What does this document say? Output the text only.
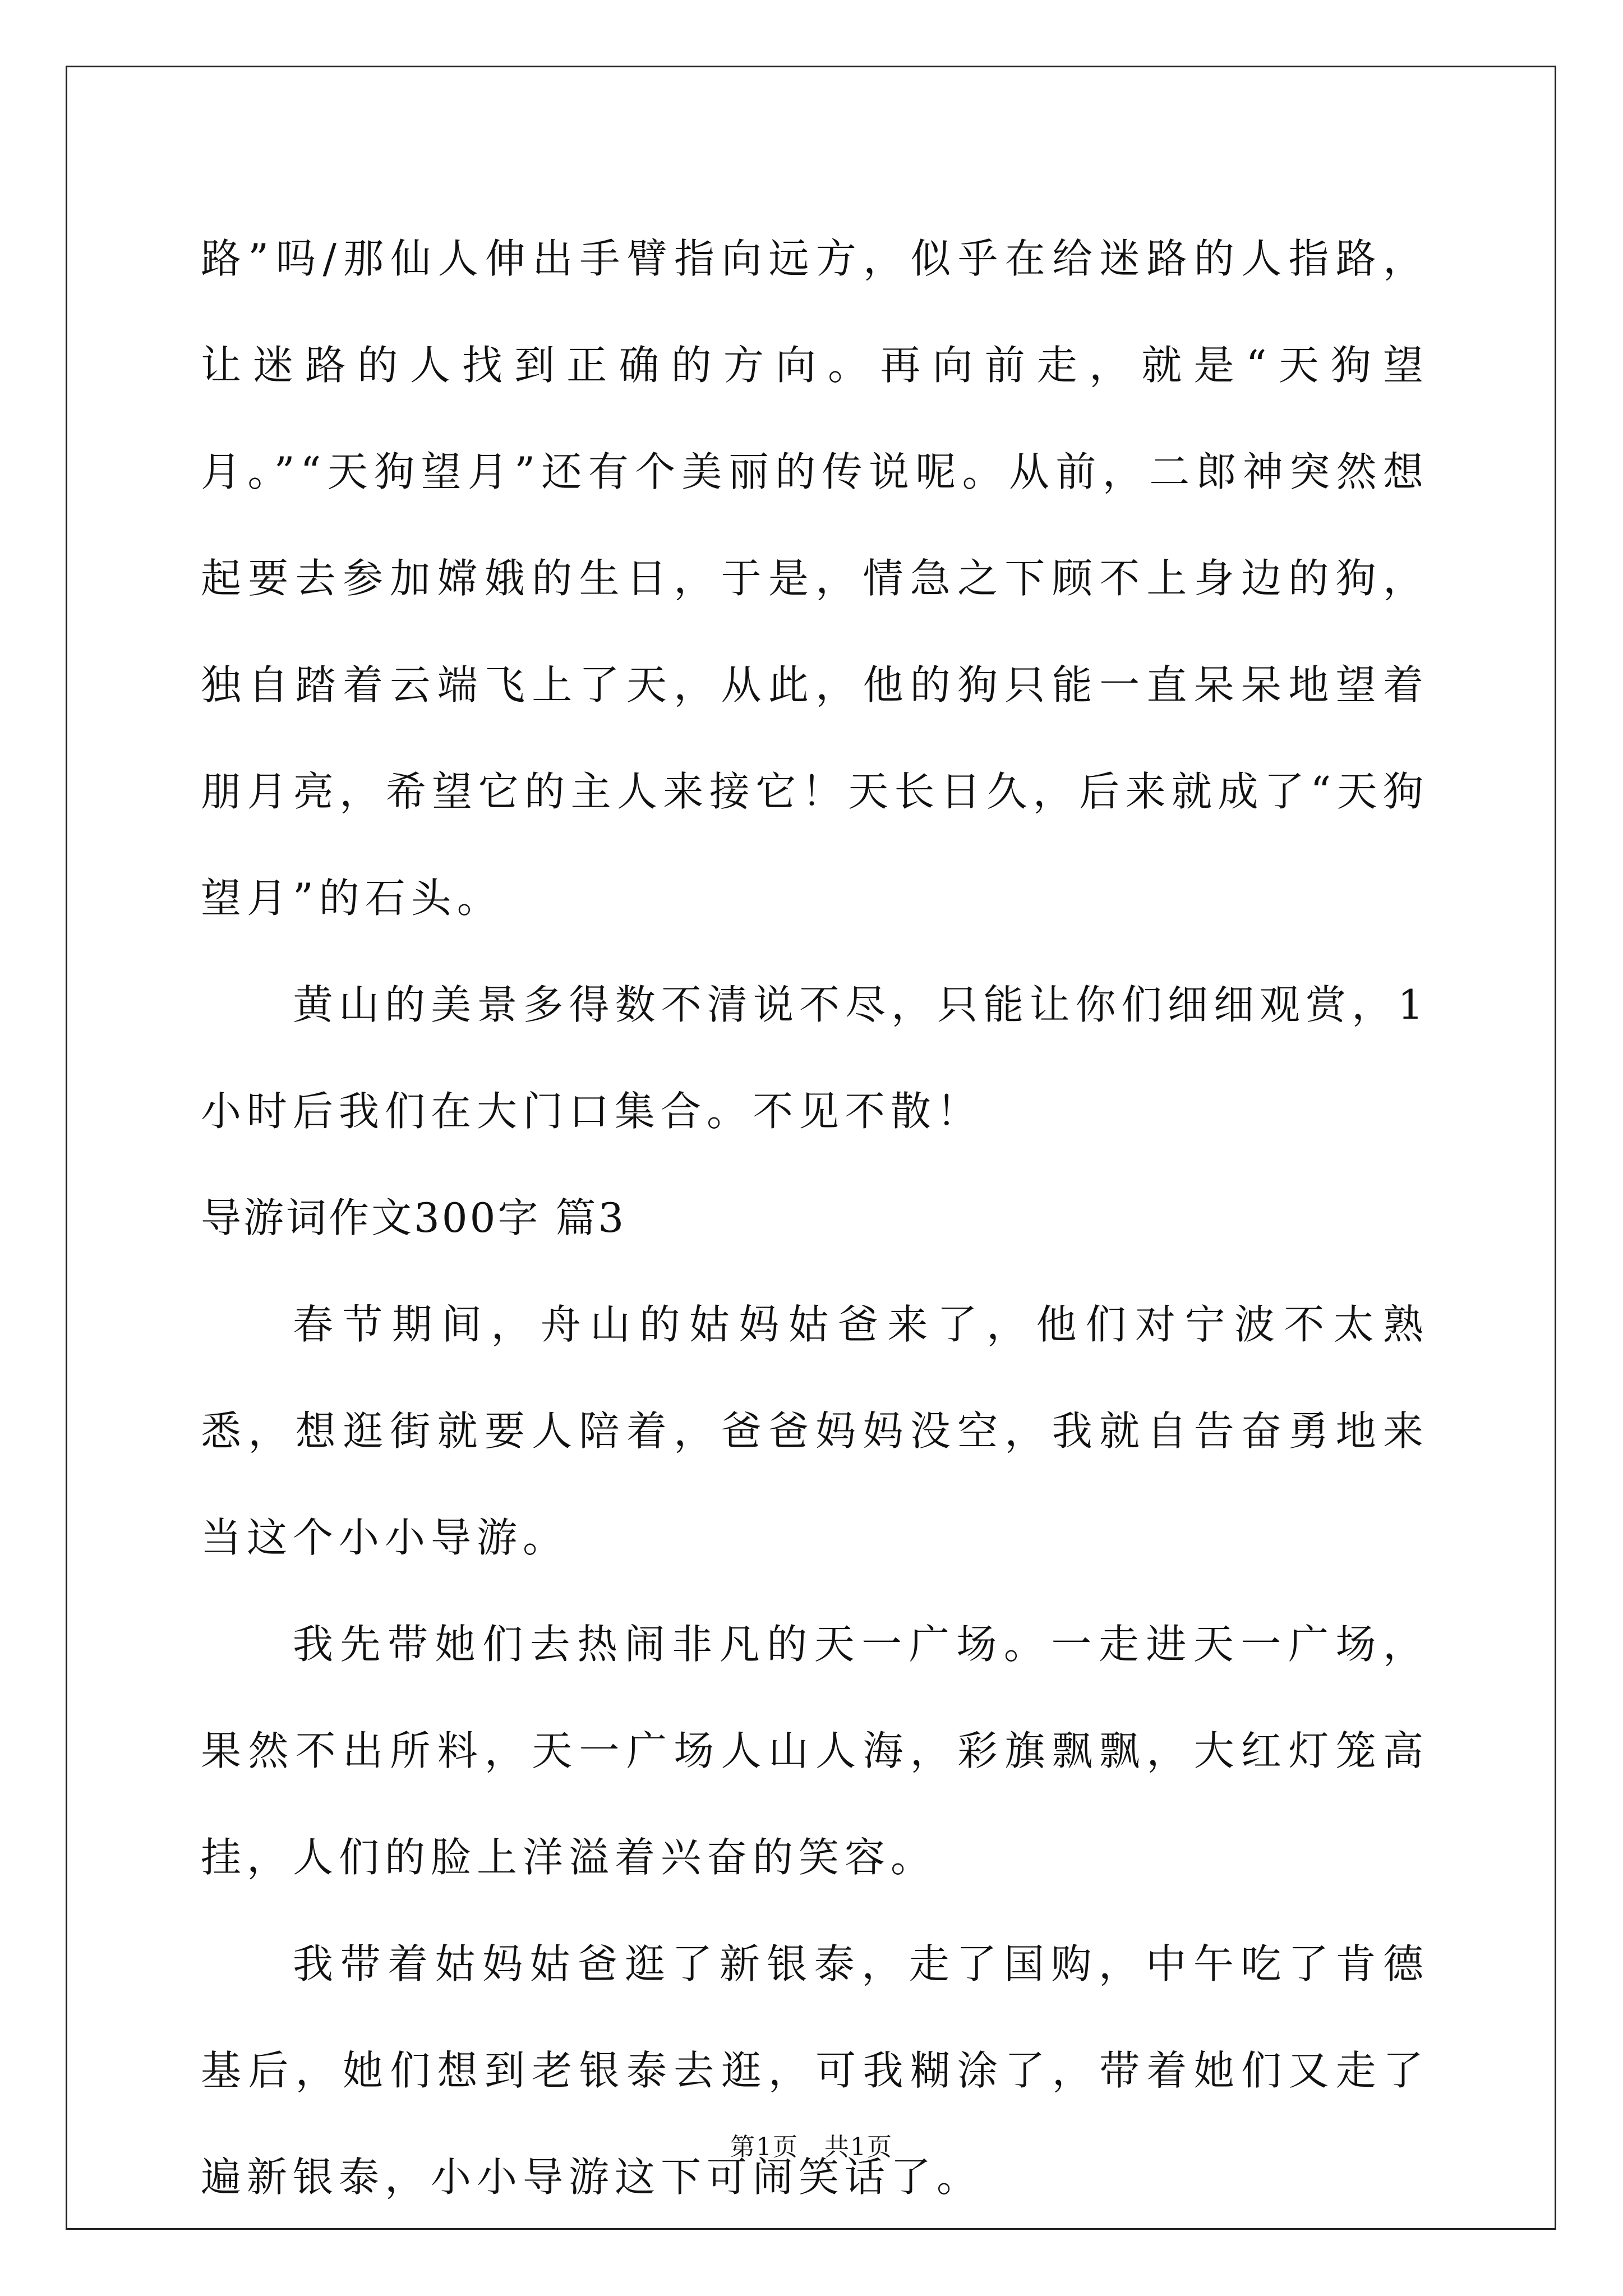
路”吗/那仙人伸出手臂指向远方，似乎在给迷路的人指路，让迷路的人找到正确的方向。再向前走，就是“天狗望月。”“天狗望月”还有个美丽的传说呢。从前，二郎神突然想起要去参加嫦娥的生日，于是，情急之下顾不上身边的狗，独自踏着云端飞上了天，从此，他的狗只能一直呆呆地望着朋月亮，希望它的主人来接它！天长日久，后来就成了“天狗望月”的石头。

黄山的美景多得数不清说不尽，只能让你们细细观赏，1小时后我们在大门口集合。不见不散！

导游词作文300字 篇3

春节期间，舟山的姑妈姑爸来了，他们对宁波不太熟悉，想逛街就要人陪着，爸爸妈妈没空，我就自告奋勇地来当这个小小导游。

我先带她们去热闹非凡的天一广场。一走进天一广场，果然不出所料，天一广场人山人海，彩旗飘飘，大红灯笼高挂，人们的脸上洋溢着兴奋的笑容。

我带着姑妈姑爸逛了新银泰，走了国购，中午吃了肯德基后，她们想到老银泰去逛，可我糊涂了，带着她们又走了遍新银泰，小小导游这下可闹笑话了。

第1页 共1页
